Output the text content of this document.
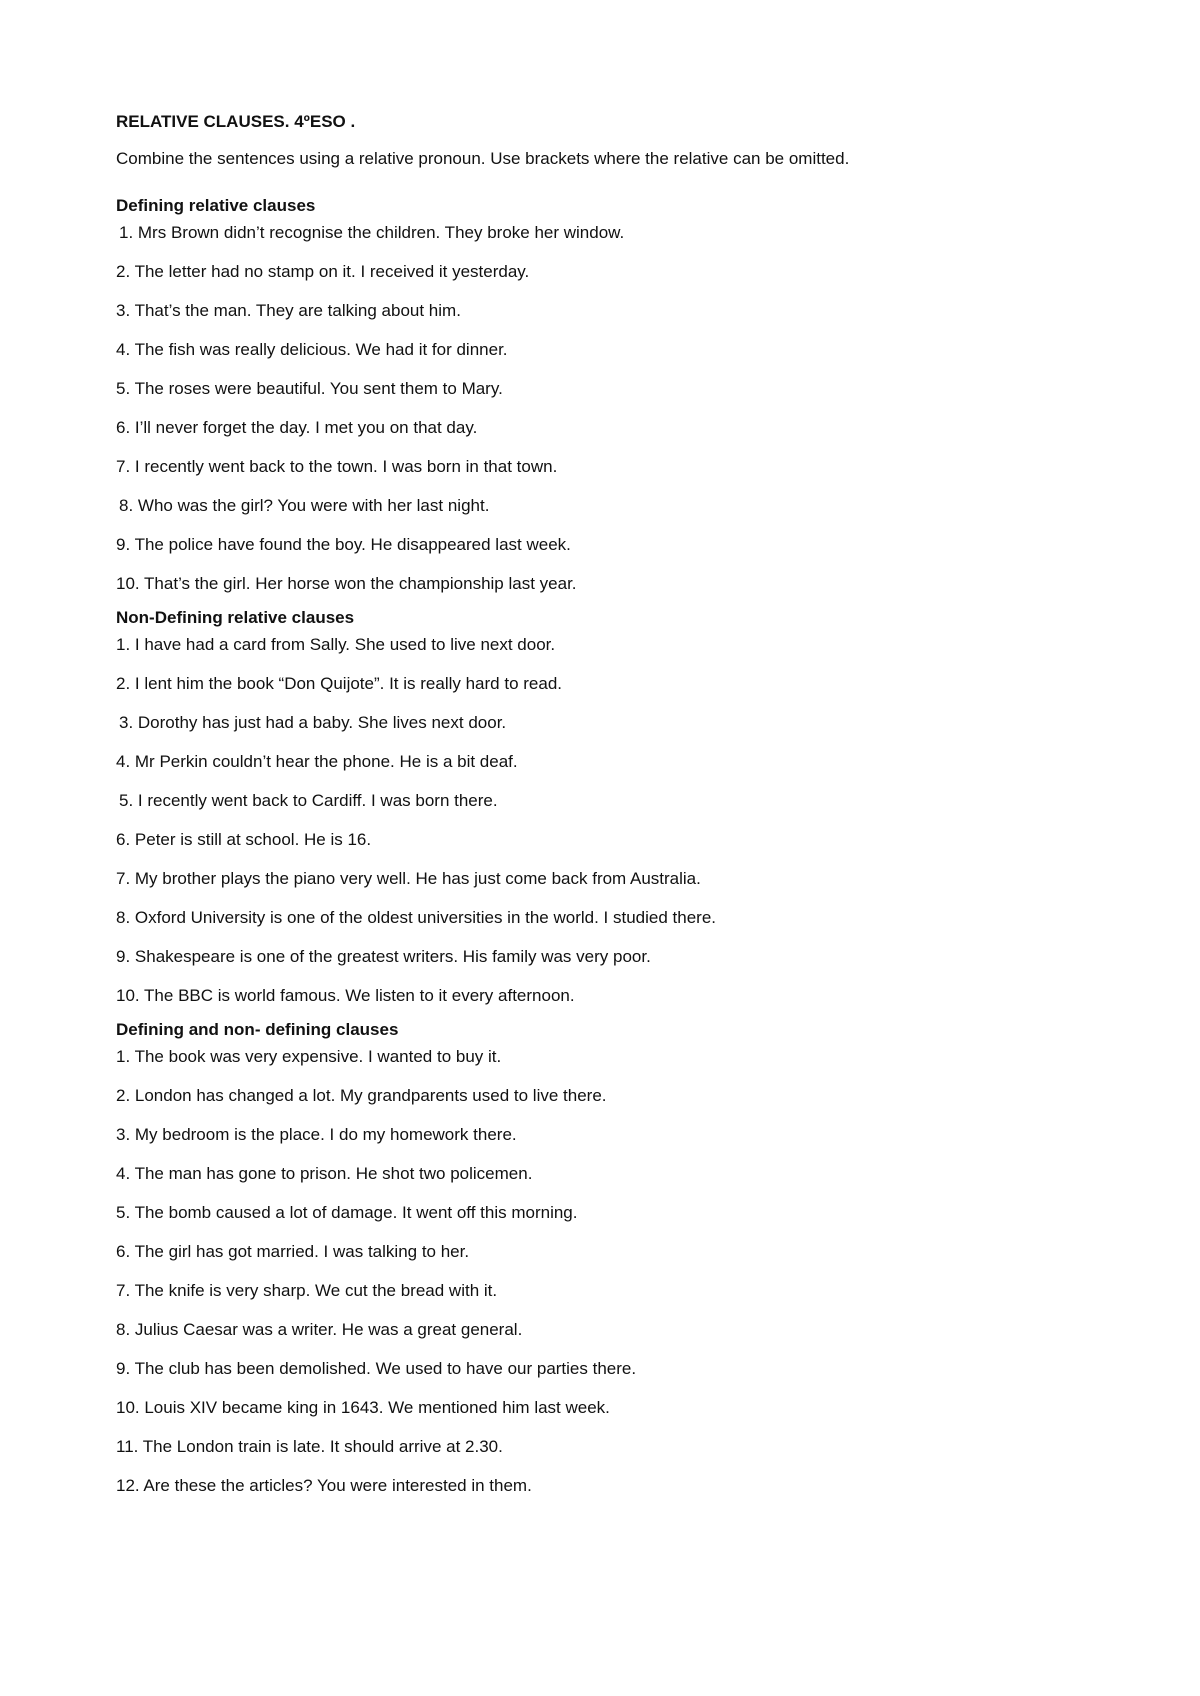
RELATIVE CLAUSES. 4ºESO .

Combine the sentences using a relative pronoun. Use brackets where the relative can be omitted.

Defining relative clauses

1. Mrs Brown didn’t recognise the children. They broke her window.

2. The letter had no stamp on it. I received it yesterday.

3. That’s the man. They are talking about him.

4. The fish was really delicious. We had it for dinner.

5. The roses were beautiful. You sent them to Mary.

6. I’ll never forget the day. I met you on that day.

7. I recently went back to the town. I was born in that town.

8. Who was the girl? You were with her last night.

9. The police have found the boy. He disappeared last week.

10. That’s the girl. Her horse won the championship last year.

Non-Defining relative clauses

1. I have had a card from Sally. She used to live next door.

2. I lent him the book “Don Quijote”. It is really hard to read.

3. Dorothy has just had a baby. She lives next door.

4. Mr Perkin couldn’t hear the phone. He is a bit deaf.

5. I recently went back to Cardiff. I was born there.

6. Peter is still at school. He is 16.

7. My brother plays the piano very well. He has just come back from Australia.

8. Oxford University is one of the oldest universities in the world. I studied there.

9. Shakespeare is one of the greatest writers. His family was very poor.

10. The BBC is world famous. We listen to it every afternoon.

Defining and non- defining clauses

1. The book was very expensive. I wanted to buy it.

2. London has changed a lot. My grandparents used to live there.

3. My bedroom is the place. I do my homework there.

4. The man has gone to prison. He shot two policemen.

5. The bomb caused a lot of damage. It went off this morning.

6. The girl has got married. I was talking to her.

7. The knife is very sharp. We cut the bread with it.

8. Julius Caesar was a writer. He was a great general.

9. The club has been demolished. We used to have our parties there.

10. Louis XIV became king in 1643. We mentioned him last week.

11. The London train is late. It should arrive at 2.30.

12. Are these the articles? You were interested in them.
